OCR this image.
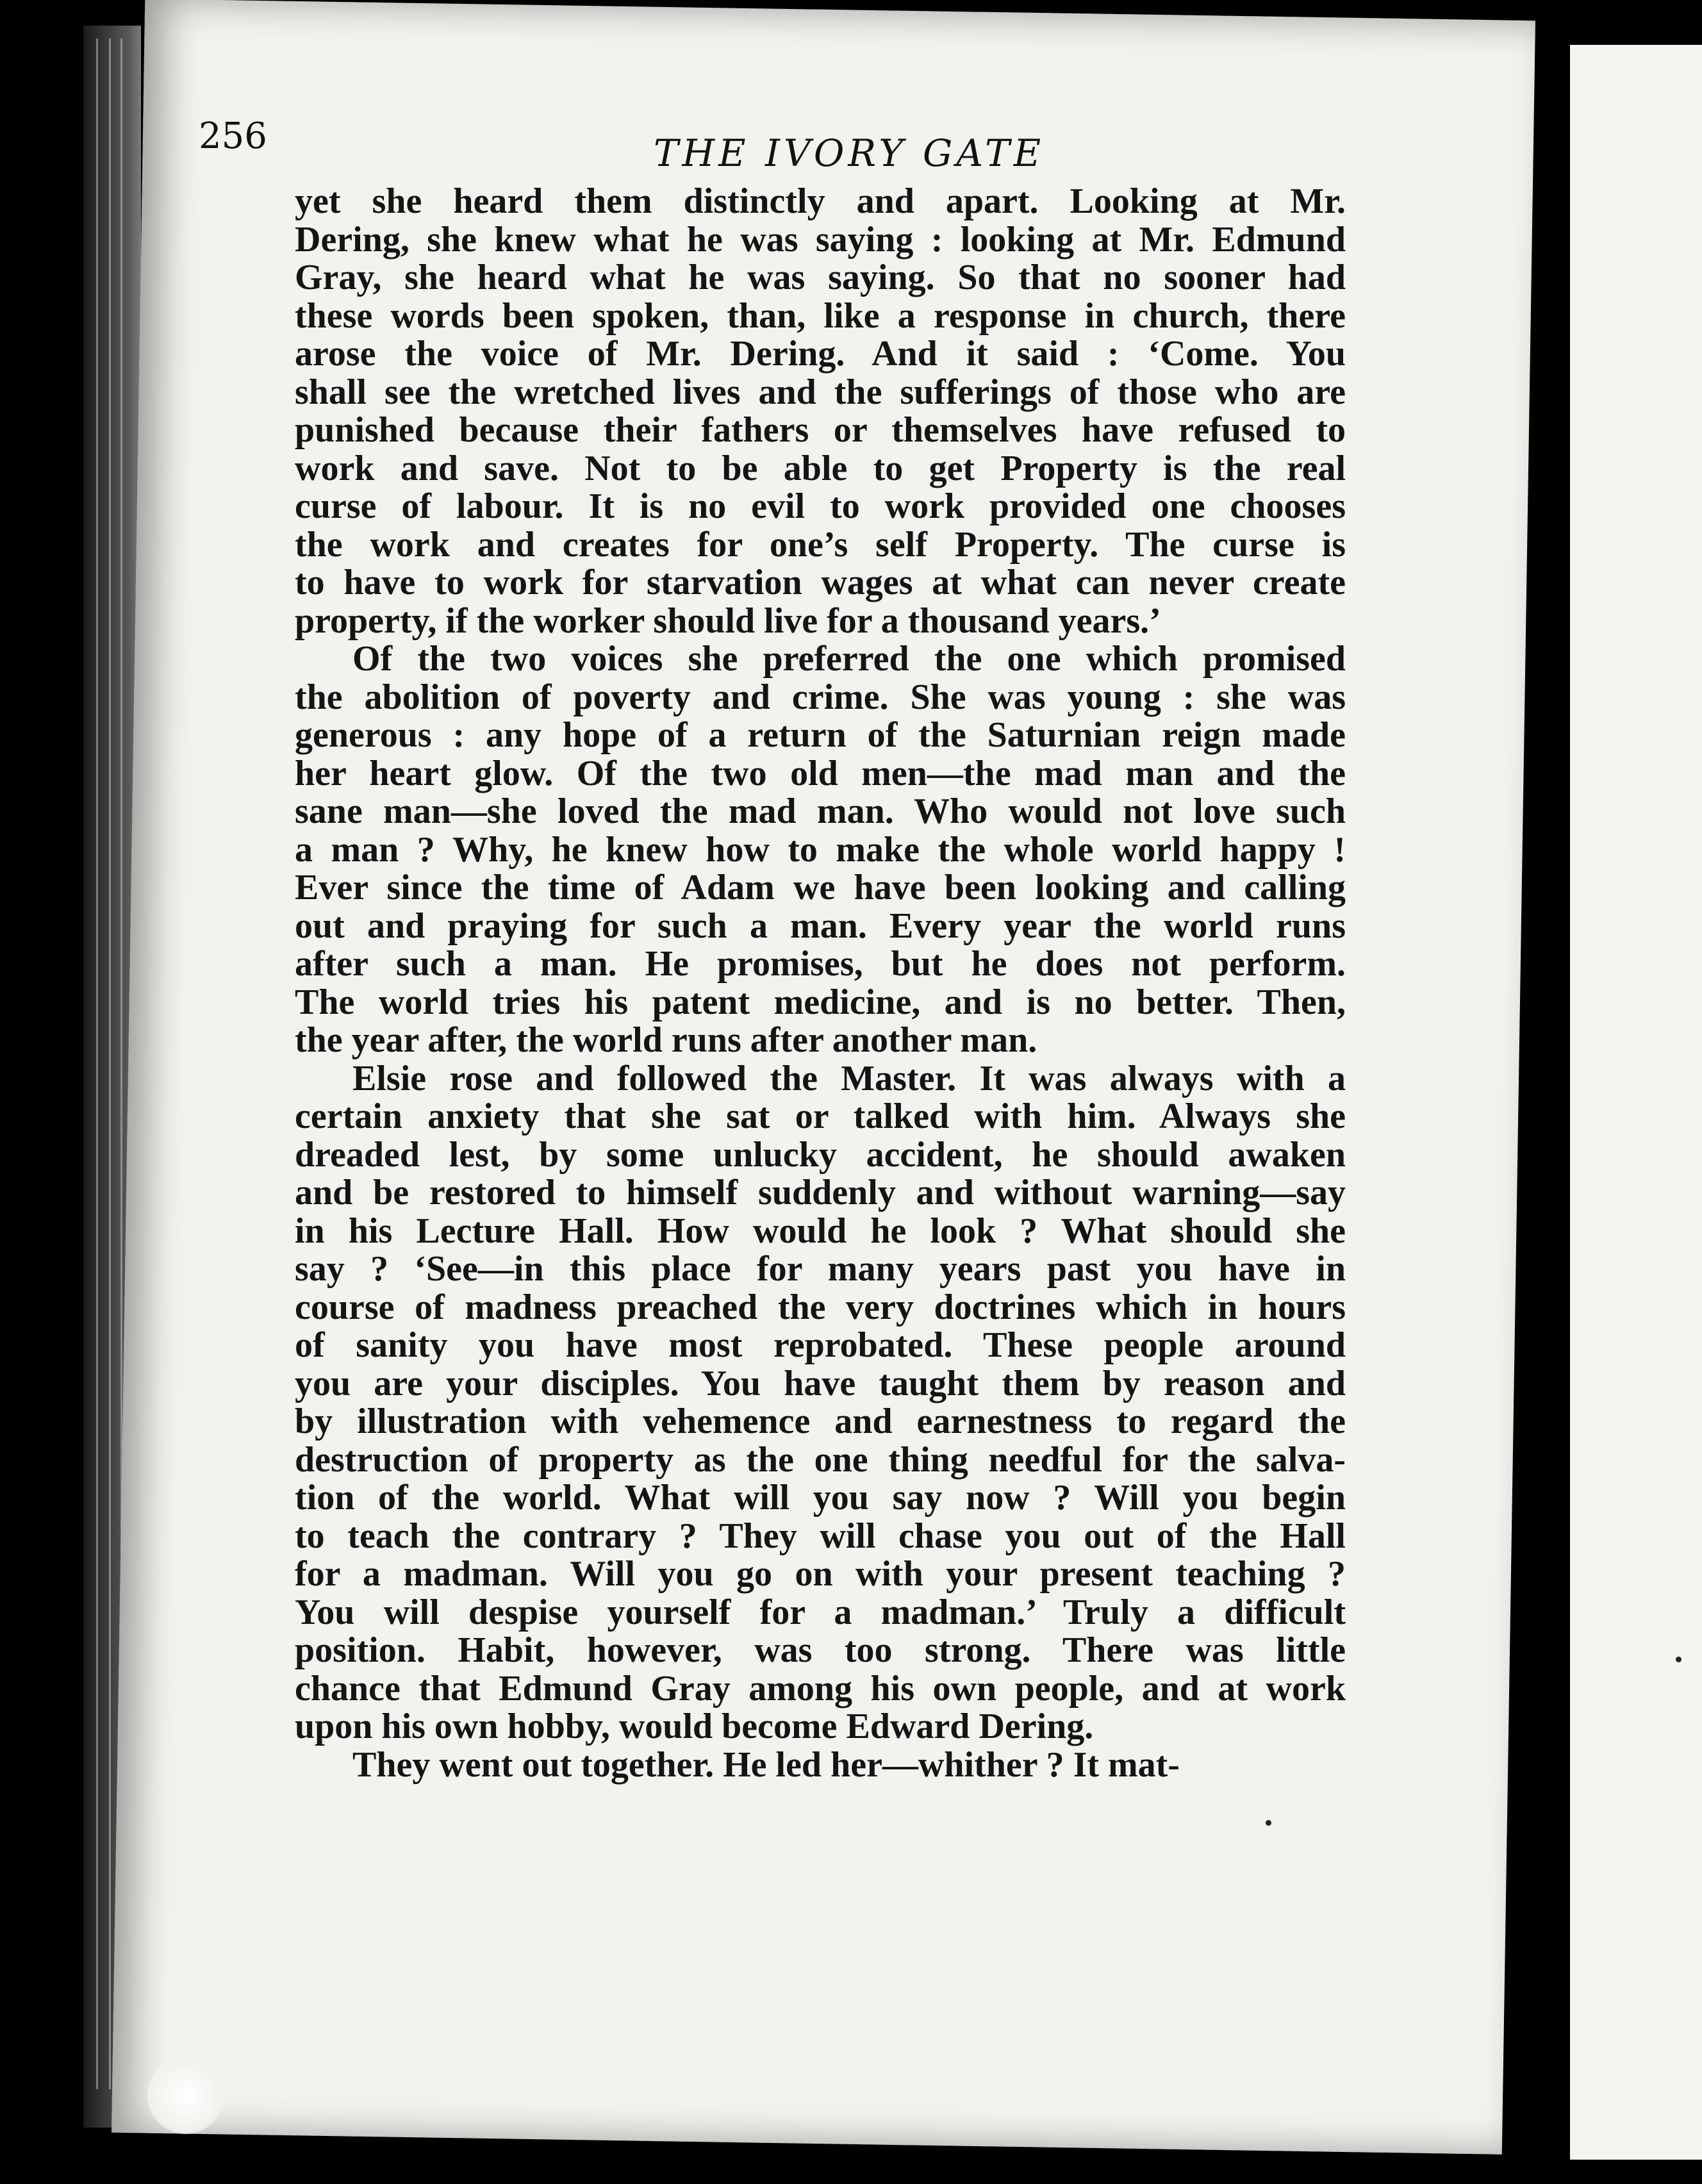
256	THE IVORY GATE

yet she heard them distinctly and apart. Looking at Mr.
Dering, she knew what he was saying : looking at Mr. Edmund
Gray, she heard what he was saying. So that no sooner had
these words been spoken, than, like a response in church, there
arose the voice of Mr. Dering. And it said : ‘Come. You
shall see the wretched lives and the sufferings of those who are
punished because their fathers or themselves have refused to
work and save. Not to be able to get Property is the real
curse of labour. It is no evil to work provided one chooses
the work and creates for one’s self Property. The curse is
to have to work for starvation wages at what can never create
property, if the worker should live for a thousand years.’
Of the two voices she preferred the one which promised
the abolition of poverty and crime. She was young : she was
generous : any hope of a return of the Saturnian reign made
her heart glow. Of the two old men—the mad man and the
sane man—she loved the mad man. Who would not love such
a man ? Why, he knew how to make the whole world happy !
Ever since the time of Adam we have been looking and calling
out and praying for such a man. Every year the world runs
after such a man. He promises, but he does not perform.
The world tries his patent medicine, and is no better. Then,
the year after, the world runs after another man.
Elsie rose and followed the Master. It was always with a
certain anxiety that she sat or talked with him. Always she
dreaded lest, by some unlucky accident, he should awaken
and be restored to himself suddenly and without warning—say
in his Lecture Hall. How would he look ? What should she
say ? ‘See—in this place for many years past you have in
course of madness preached the very doctrines which in hours
of sanity you have most reprobated. These people around
you are your disciples. You have taught them by reason and
by illustration with vehemence and earnestness to regard the
destruction of property as the one thing needful for the salva-
tion of the world. What will you say now ? Will you begin
to teach the contrary ? They will chase you out of the Hall
for a madman. Will you go on with your present teaching ?
You will despise yourself for a madman.’ Truly a difficult
position. Habit, however, was too strong. There was little
chance that Edmund Gray among his own people, and at work
upon his own hobby, would become Edward Dering.
They went out together. He led her—whither ? It mat-
